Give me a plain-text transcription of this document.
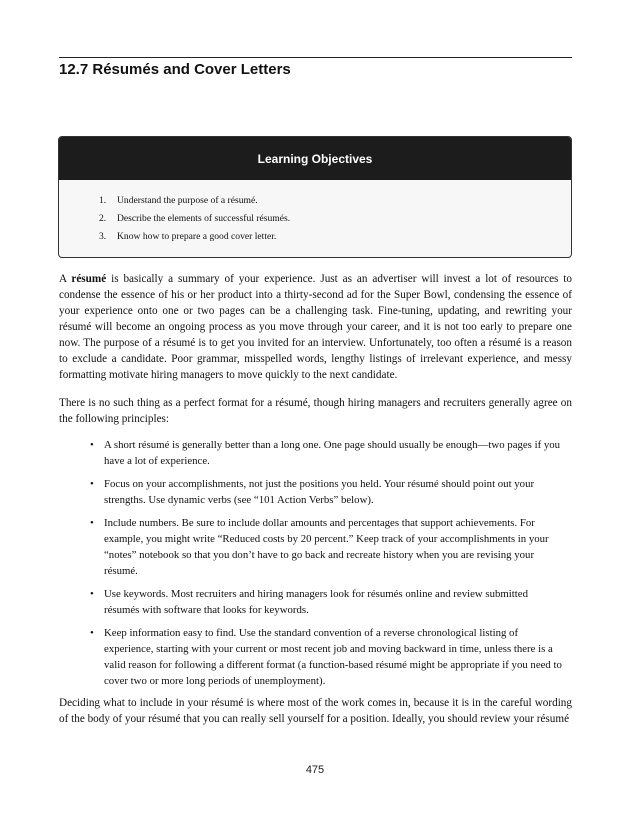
12.7 Résumés and Cover Letters
Learning Objectives
1. Understand the purpose of a résumé.
2. Describe the elements of successful résumés.
3. Know how to prepare a good cover letter.

A résumé is basically a summary of your experience. Just as an advertiser will invest a lot of resources to condense the essence of his or her product into a thirty-second ad for the Super Bowl, condensing the essence of your experience onto one or two pages can be a challenging task. Fine-tuning, updating, and rewriting your résumé will become an ongoing process as you move through your career, and it is not too early to prepare one now. The purpose of a résumé is to get you invited for an interview. Unfortunately, too often a résumé is a reason to exclude a candidate. Poor grammar, misspelled words, lengthy listings of irrelevant experience, and messy formatting motivate hiring managers to move quickly to the next candidate.

There is no such thing as a perfect format for a résumé, though hiring managers and recruiters generally agree on the following principles:

• A short résumé is generally better than a long one. One page should usually be enough—two pages if you have a lot of experience.
• Focus on your accomplishments, not just the positions you held. Your résumé should point out your strengths. Use dynamic verbs (see “101 Action Verbs” below).
• Include numbers. Be sure to include dollar amounts and percentages that support achievements. For example, you might write “Reduced costs by 20 percent.” Keep track of your accomplishments in your “notes” notebook so that you don’t have to go back and recreate history when you are revising your résumé.
• Use keywords. Most recruiters and hiring managers look for résumés online and review submitted résumés with software that looks for keywords.
• Keep information easy to find. Use the standard convention of a reverse chronological listing of experience, starting with your current or most recent job and moving backward in time, unless there is a valid reason for following a different format (a function-based résumé might be appropriate if you need to cover two or more long periods of unemployment).

Deciding what to include in your résumé is where most of the work comes in, because it is in the careful wording of the body of your résumé that you can really sell yourself for a position. Ideally, you should review your résumé

475
